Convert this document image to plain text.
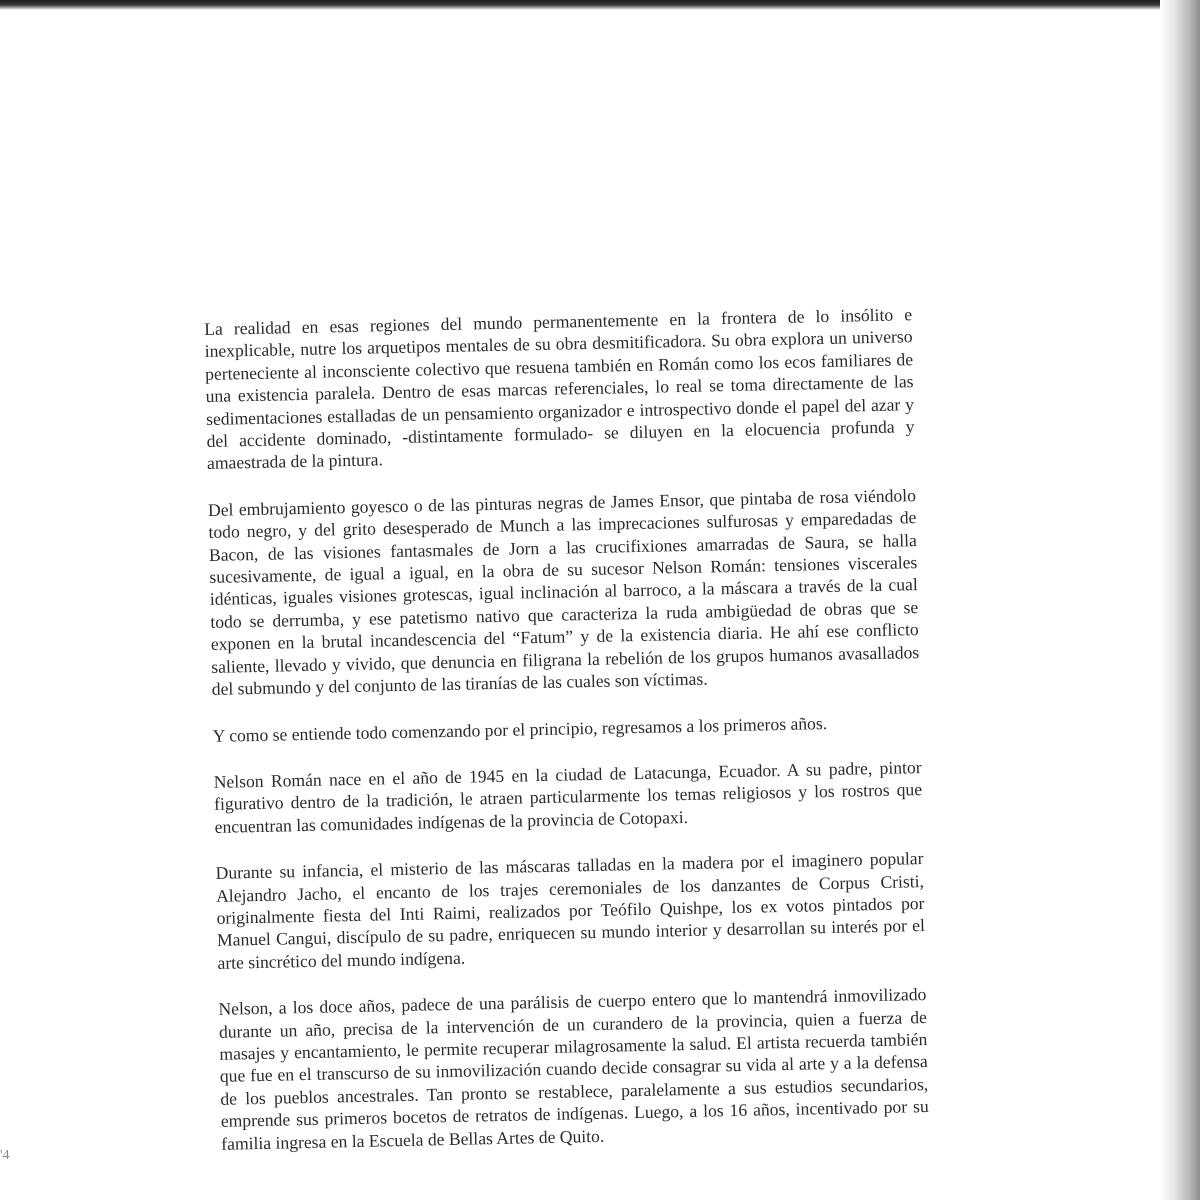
La realidad en esas regiones del mundo permanentemente en la frontera de lo insólito e inexplicable, nutre los arquetipos mentales de su obra desmitificadora. Su obra explora un universo perteneciente al inconsciente colectivo que resuena también en Román como los ecos familiares de una existencia paralela. Dentro de esas marcas referenciales, lo real se toma directamente de las sedimentaciones estalladas de un pensamiento organizador e introspectivo donde el papel del azar y del accidente dominado, -distintamente formulado- se diluyen en la elocuencia profunda y amaestrada de la pintura.

Del embrujamiento goyesco o de las pinturas negras de James Ensor, que pintaba de rosa viéndolo todo negro, y del grito desesperado de Munch a las imprecaciones sulfurosas y emparedadas de Bacon, de las visiones fantasmales de Jorn a las crucifixiones amarradas de Saura, se halla sucesivamente, de igual a igual, en la obra de su sucesor Nelson Román: tensiones viscerales idénticas, iguales visiones grotescas, igual inclinación al barroco, a la máscara a través de la cual todo se derrumba, y ese patetismo nativo que caracteriza la ruda ambigüedad de obras que se exponen en la brutal incandescencia del “Fatum” y de la existencia diaria. He ahí ese conflicto saliente, llevado y vivido, que denuncia en filigrana la rebelión de los grupos humanos avasallados del submundo y del conjunto de las tiranías de las cuales son víctimas.

Y como se entiende todo comenzando por el principio, regresamos a los primeros años.

Nelson Román nace en el año de 1945 en la ciudad de Latacunga, Ecuador. A su padre, pintor figurativo dentro de la tradición, le atraen particularmente los temas religiosos y los rostros que encuentran las comunidades indígenas de la provincia de Cotopaxi.

Durante su infancia, el misterio de las máscaras talladas en la madera por el imaginero popular Alejandro Jacho, el encanto de los trajes ceremoniales de los danzantes de Corpus Cristi, originalmente fiesta del Inti Raimi, realizados por Teófilo Quishpe, los ex votos pintados por Manuel Cangui, discípulo de su padre, enriquecen su mundo interior y desarrollan su interés por el arte sincrético del mundo indígena.

Nelson, a los doce años, padece de una parálisis de cuerpo entero que lo mantendrá inmovilizado durante un año, precisa de la intervención de un curandero de la provincia, quien a fuerza de masajes y encantamiento, le permite recuperar milagrosamente la salud. El artista recuerda también que fue en el transcurso de su inmovilización cuando decide consagrar su vida al arte y a la defensa de los pueblos ancestrales. Tan pronto se restablece, paralelamente a sus estudios secundarios, emprende sus primeros bocetos de retratos de indígenas. Luego, a los 16 años, incentivado por su familia ingresa en la Escuela de Bellas Artes de Quito.

'4
